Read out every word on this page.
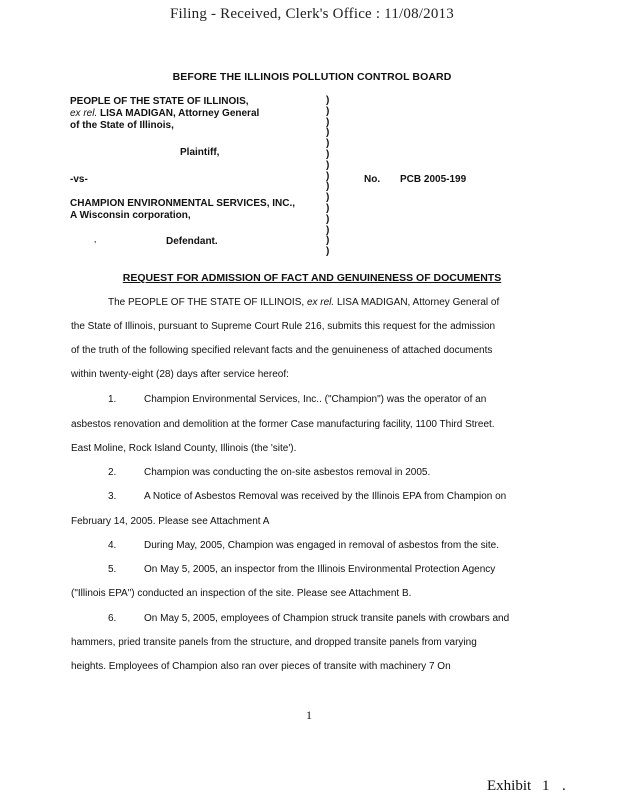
Filing - Received, Clerk's Office : 11/08/2013
BEFORE THE ILLINOIS POLLUTION CONTROL BOARD
PEOPLE OF THE STATE OF ILLINOIS,
ex rel. LISA MADIGAN, Attorney General
of the State of Illinois,
Plaintiff,
-vs-
CHAMPION ENVIRONMENTAL SERVICES, INC.,
A Wisconsin corporation,
‚	Defendant.
)
)
)
)
)
)
)
)
)
)
)
)
)
)
)
No. PCB 2005-199
REQUEST FOR ADMISSION OF FACT AND GENUINENESS OF DOCUMENTS
The PEOPLE OF THE STATE OF ILLINOIS, ex rel. LISA MADIGAN, Attorney General of
the State of Illinois, pursuant to Supreme Court Rule 216, submits this request for the admission
of the truth of the following specified relevant facts and the genuineness of attached documents
within twenty-eight (28) days after service hereof:
1.	Champion Environmental Services, Inc.. ("Champion") was the operator of an
asbestos renovation and demolition at the former Case manufacturing facility, 1100 Third Street.
East Moline, Rock Island County, Illinois (the 'site').
2.	Champion was conducting the on-site asbestos removal in 2005.
3.	A Notice of Asbestos Removal was received by the Illinois EPA from Champion on
February 14, 2005. Please see Attachment A
4.	During May, 2005, Champion was engaged in removal of asbestos from the site.
5.	On May 5, 2005, an inspector from the Illinois Environmental Protection Agency
("Illinois EPA") conducted an inspection of the site. Please see Attachment B.
6.	On May 5, 2005, employees of Champion struck transite panels with crowbars and
hammers, pried transite panels from the structure, and dropped transite panels from varying
heights. Employees of Champion also ran over pieces of transite with machinery 7 On
1
Exhibit 1 .
